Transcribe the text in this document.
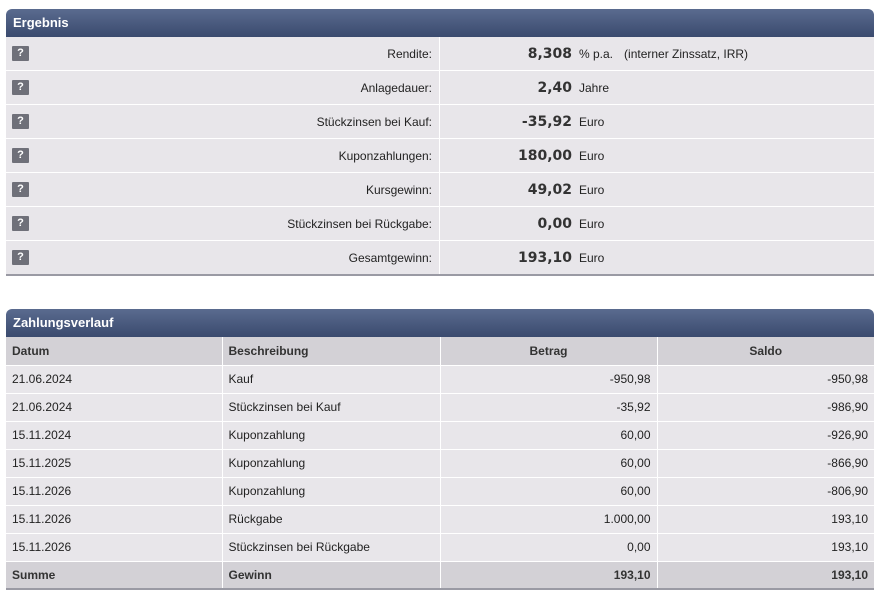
Ergebnis
?	Rendite:	8,308 % p.a. (interner Zinssatz, IRR)
?	Anlagedauer:	2,40 Jahre
?	Stückzinsen bei Kauf:	-35,92 Euro
?	Kuponzahlungen:	180,00 Euro
?	Kursgewinn:	49,02 Euro
?	Stückzinsen bei Rückgabe:	0,00 Euro
?	Gesamtgewinn:	193,10 Euro
Zahlungsverlauf
Datum	Beschreibung	Betrag	Saldo
21.06.2024	Kauf	-950,98	-950,98
21.06.2024	Stückzinsen bei Kauf	-35,92	-986,90
15.11.2024	Kuponzahlung	60,00	-926,90
15.11.2025	Kuponzahlung	60,00	-866,90
15.11.2026	Kuponzahlung	60,00	-806,90
15.11.2026	Rückgabe	1.000,00	193,10
15.11.2026	Stückzinsen bei Rückgabe	0,00	193,10
Summe	Gewinn	193,10	193,10
